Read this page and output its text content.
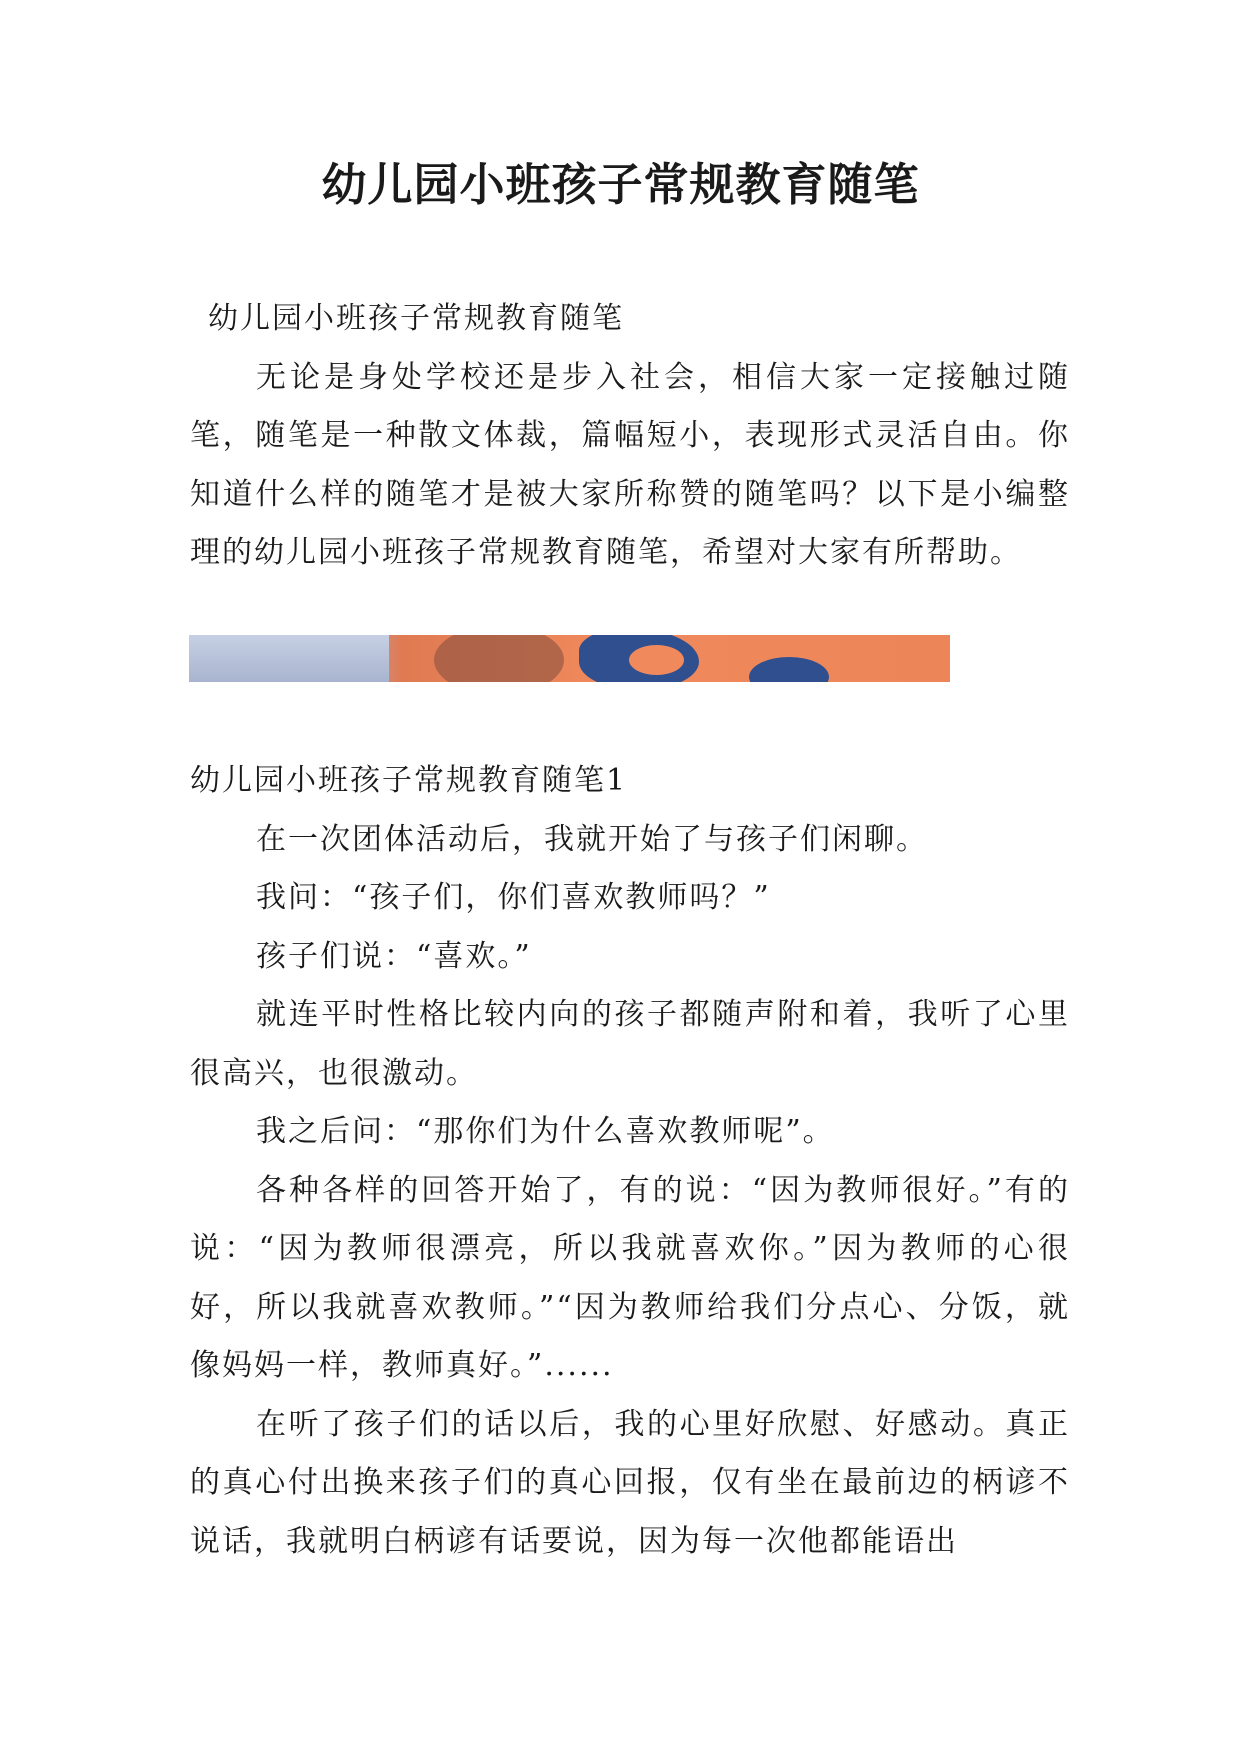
幼儿园小班孩子常规教育随笔

幼儿园小班孩子常规教育随笔

无论是身处学校还是步入社会，相信大家一定接触过随笔，随笔是一种散文体裁，篇幅短小，表现形式灵活自由。你知道什么样的随笔才是被大家所称赞的随笔吗？以下是小编整理的幼儿园小班孩子常规教育随笔，希望对大家有所帮助。

幼儿园小班孩子常规教育随笔1

在一次团体活动后，我就开始了与孩子们闲聊。

我问：“孩子们，你们喜欢教师吗？”

孩子们说：“喜欢。”

就连平时性格比较内向的孩子都随声附和着，我听了心里很高兴，也很激动。

我之后问：“那你们为什么喜欢教师呢”。

各种各样的回答开始了，有的说：“因为教师很好。”有的说：“因为教师很漂亮，所以我就喜欢你。”因为教师的心很好，所以我就喜欢教师。”“因为教师给我们分点心、分饭，就像妈妈一样，教师真好。”......

在听了孩子们的话以后，我的心里好欣慰、好感动。真正的真心付出换来孩子们的真心回报，仅有坐在最前边的柄谚不说话，我就明白柄谚有话要说，因为每一次他都能语出
